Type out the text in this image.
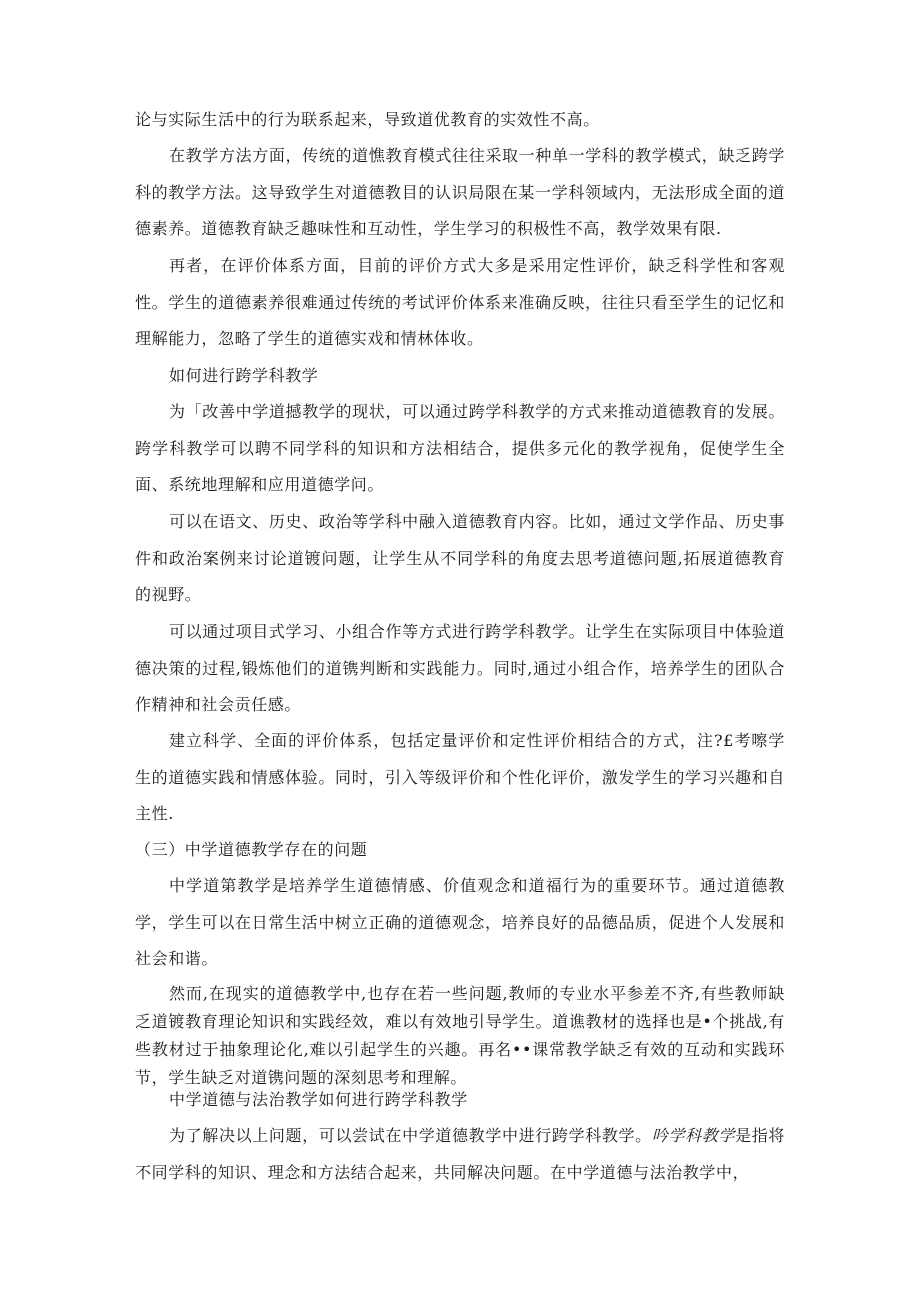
论与实际生活中的行为联系起来，导致道优教育的实效性不高。

在教学方法方面，传统的道憔教育模式往往采取一种单一学科的教学模式，缺乏跨学科的教学方法。这导致学生对道德教目的认识局限在某一学科领域内，无法形成全面的道德素养。道德教育缺乏趣味性和互动性，学生学习的积极性不高，教学效果有限.

再者，在评价体系方面，目前的评价方式大多是采用定性评价，缺乏科学性和客观性。学生的道德素养很难通过传统的考试评价体系来准确反映，往往只看至学生的记忆和理解能力，忽略了学生的道德实戏和情林体收。

如何进行跨学科教学

为「改善中学道撼教学的现状，可以通过跨学科教学的方式来推动道德教育的发展。跨学科教学可以聘不同学科的知识和方法相结合，提供多元化的教学视角，促使学生全面、系统地理解和应用道德学问。

可以在语文、历史、政治等学科中融入道德教育内容。比如，通过文学作品、历史事件和政治案例来讨论道镀问题，让学生从不同学科的角度去思考道德问题,拓展道德教育的视野。

可以通过项目式学习、小组合作等方式进行跨学科教学。让学生在实际项目中体验道德决策的过程,锻炼他们的道镌判断和实践能力。同时,通过小组合作，培养学生的团队合作精神和社会贡任感。

建立科学、全面的评价体系，包括定量评价和定性评价相结合的方式，注?£考嚓学生的道德实践和情感体验。同时，引入等级评价和个性化评价，激发学生的学习兴趣和自主性.

（三）中学道德教学存在的问题

中学道第教学是培养学生道德情感、价值观念和道福行为的重要环节。通过道德教学，学生可以在日常生活中树立正确的道德观念，培养良好的品德品质，促进个人发展和社会和谐。

然而,在现实的道德教学中,也存在若一些问题,教师的专业水平参差不齐,有些教师缺乏道镀教育理论知识和实践经效，难以有效地引导学生。道谯教材的选择也是•个挑战,有些教材过于抽象理论化,难以引起学生的兴趣。再名••课常教学缺乏有效的互动和实践环节，学生缺乏对道镌问题的深刻思考和理解。

中学道德与法治教学如何进行跨学科教学

为了解决以上问题，可以尝试在中学道德教学中进行跨学科教学。吟学科教学是指将不同学科的知识、理念和方法结合起来，共同解决问题。在中学道德与法治教学中，
